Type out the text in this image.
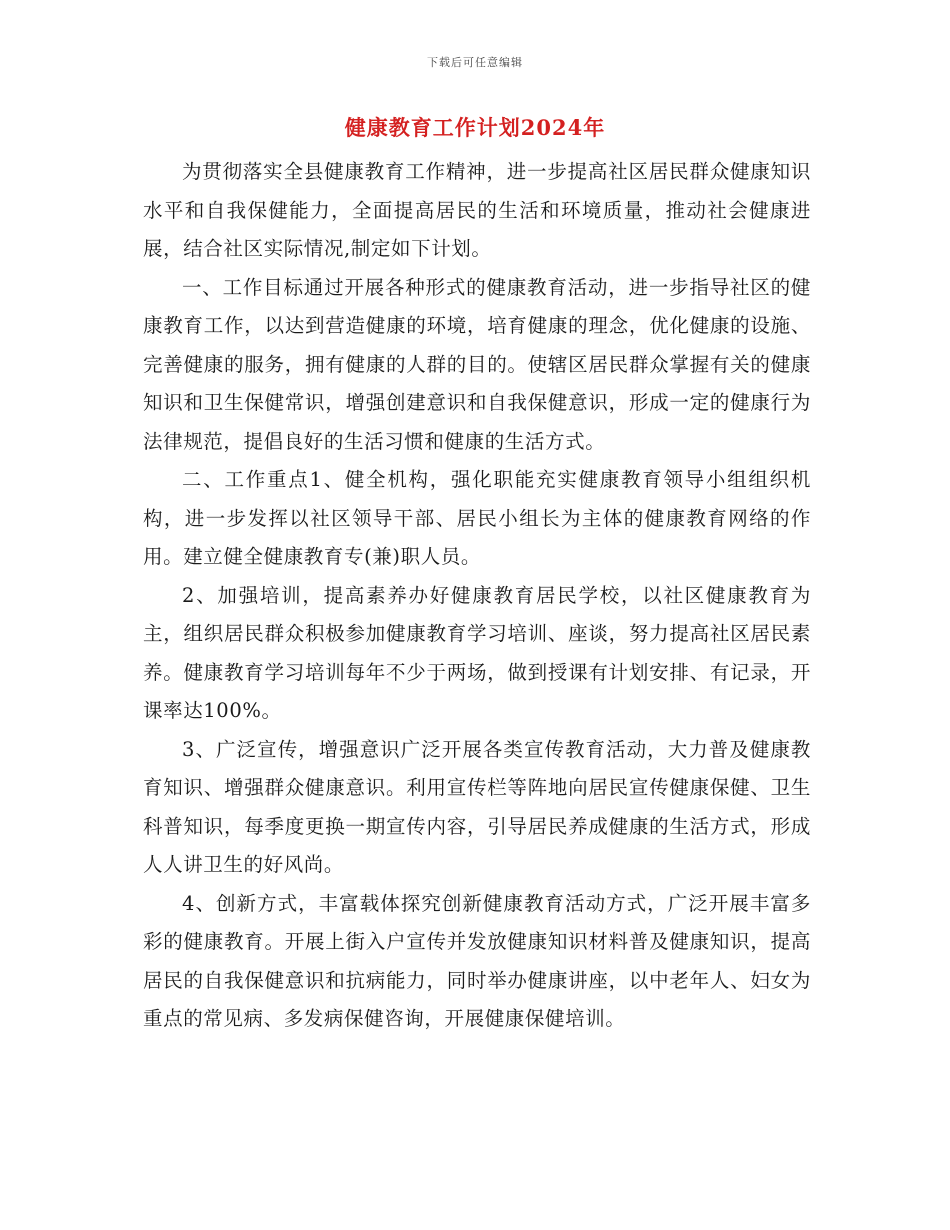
下载后可任意编辑
健康教育工作计划2024年

为贯彻落实全县健康教育工作精神，进一步提高社区居民群众健康知识水平和自我保健能力，全面提高居民的生活和环境质量，推动社会健康进展，结合社区实际情况,制定如下计划。

一、工作目标通过开展各种形式的健康教育活动，进一步指导社区的健康教育工作，以达到营造健康的环境，培育健康的理念，优化健康的设施、完善健康的服务，拥有健康的人群的目的。使辖区居民群众掌握有关的健康知识和卫生保健常识，增强创建意识和自我保健意识，形成一定的健康行为法律规范，提倡良好的生活习惯和健康的生活方式。

二、工作重点1、健全机构，强化职能充实健康教育领导小组组织机构，进一步发挥以社区领导干部、居民小组长为主体的健康教育网络的作用。建立健全健康教育专(兼)职人员。

2、加强培训，提高素养办好健康教育居民学校，以社区健康教育为主，组织居民群众积极参加健康教育学习培训、座谈，努力提高社区居民素养。健康教育学习培训每年不少于两场，做到授课有计划安排、有记录，开课率达100%。

3、广泛宣传，增强意识广泛开展各类宣传教育活动，大力普及健康教育知识、增强群众健康意识。利用宣传栏等阵地向居民宣传健康保健、卫生科普知识，每季度更换一期宣传内容，引导居民养成健康的生活方式，形成人人讲卫生的好风尚。

4、创新方式，丰富载体探究创新健康教育活动方式，广泛开展丰富多彩的健康教育。开展上街入户宣传并发放健康知识材料普及健康知识，提高居民的自我保健意识和抗病能力，同时举办健康讲座，以中老年人、妇女为重点的常见病、多发病保健咨询，开展健康保健培训。
